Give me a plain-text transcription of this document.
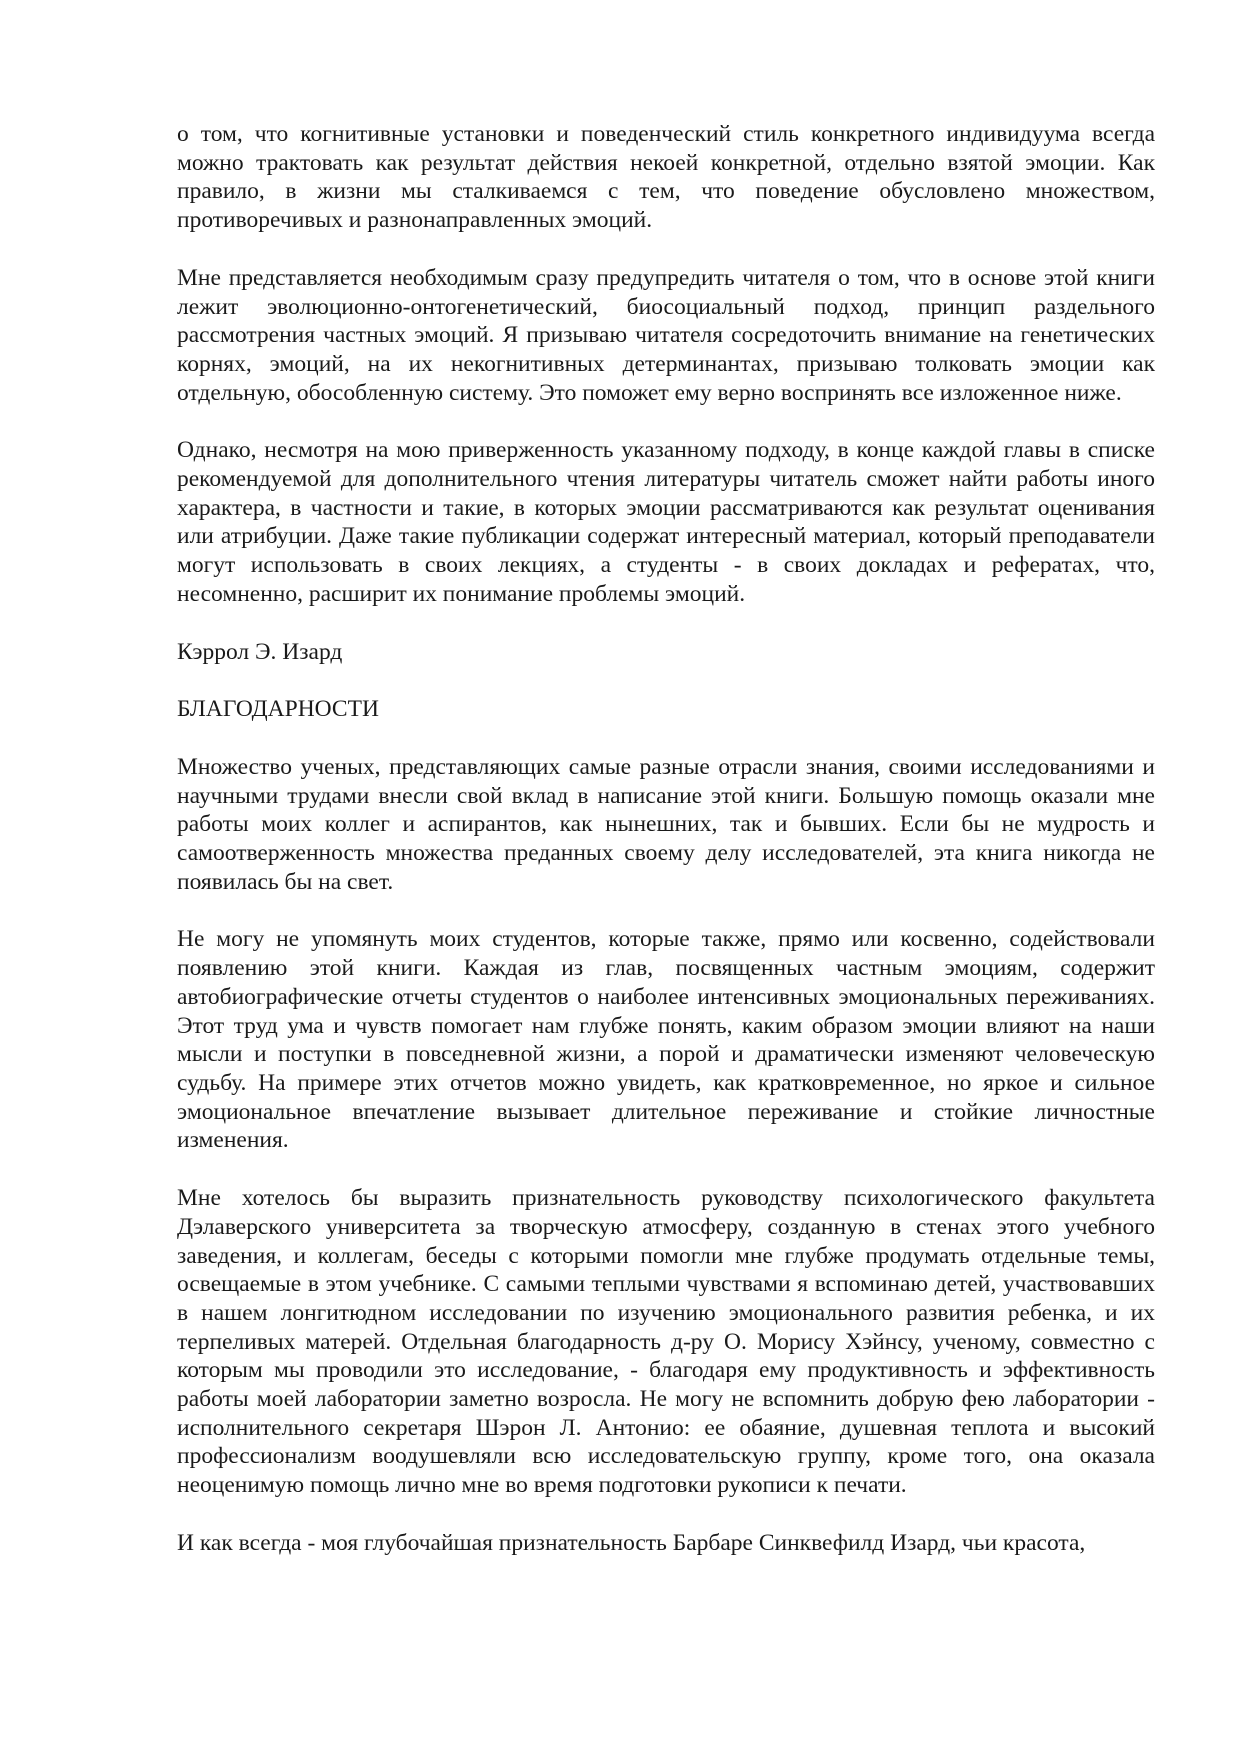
о том, что когнитивные установки и поведенческий стиль конкретного индивидуума всегда можно трактовать как результат действия некоей конкретной, отдельно взятой эмоции. Как правило, в жизни мы сталкиваемся с тем, что поведение обусловлено множеством, противоречивых и разнонаправленных эмоций.

Мне представляется необходимым сразу предупредить читателя о том, что в основе этой книги лежит эволюционно-онтогенетический, биосоциальный подход, принцип раздельного рассмотрения частных эмоций. Я призываю читателя сосредоточить внимание на генетических корнях, эмоций, на их некогнитивных детерминантах, призываю толковать эмоции как отдельную, обособленную систему. Это поможет ему верно воспринять все изложенное ниже.

Однако, несмотря на мою приверженность указанному подходу, в конце каждой главы в списке рекомендуемой для дополнительного чтения литературы читатель сможет найти работы иного характера, в частности и такие, в которых эмоции рассматриваются как результат оценивания или атрибуции. Даже такие публикации содержат интересный материал, который преподаватели могут использовать в своих лекциях, а студенты - в своих докладах и рефератах, что, несомненно, расширит их понимание проблемы эмоций.

Кэррол Э. Изард

БЛАГОДАРНОСТИ

Множество ученых, представляющих самые разные отрасли знания, своими исследованиями и научными трудами внесли свой вклад в написание этой книги. Большую помощь оказали мне работы моих коллег и аспирантов, как нынешних, так и бывших. Если бы не мудрость и самоотверженность множества преданных своему делу исследователей, эта книга никогда не появилась бы на свет.

Не могу не упомянуть моих студентов, которые также, прямо или косвенно, содействовали появлению этой книги. Каждая из глав, посвященных частным эмоциям, содержит автобиографические отчеты студентов о наиболее интенсивных эмоциональных переживаниях. Этот труд ума и чувств помогает нам глубже понять, каким образом эмоции влияют на наши мысли и поступки в повседневной жизни, а порой и драматически изменяют человеческую судьбу. На примере этих отчетов можно увидеть, как кратковременное, но яркое и сильное эмоциональное впечатление вызывает длительное переживание и стойкие личностные изменения.

Мне хотелось бы выразить признательность руководству психологического факультета Дэлаверского университета за творческую атмосферу, созданную в стенах этого учебного заведения, и коллегам, беседы с которыми помогли мне глубже продумать отдельные темы, освещаемые в этом учебнике. С самыми теплыми чувствами я вспоминаю детей, участвовавших в нашем лонгитюдном исследовании по изучению эмоционального развития ребенка, и их терпеливых матерей. Отдельная благодарность д-ру О. Морису Хэйнсу, ученому, совместно с которым мы проводили это исследование, - благодаря ему продуктивность и эффективность работы моей лаборатории заметно возросла. Не могу не вспомнить добрую фею лаборатории - исполнительного секретаря Шэрон Л. Антонио: ее обаяние, душевная теплота и высокий профессионализм воодушевляли всю исследовательскую группу, кроме того, она оказала неоценимую помощь лично мне во время подготовки рукописи к печати.

И как всегда - моя глубочайшая признательность Барбаре Синквефилд Изард, чьи красота,
